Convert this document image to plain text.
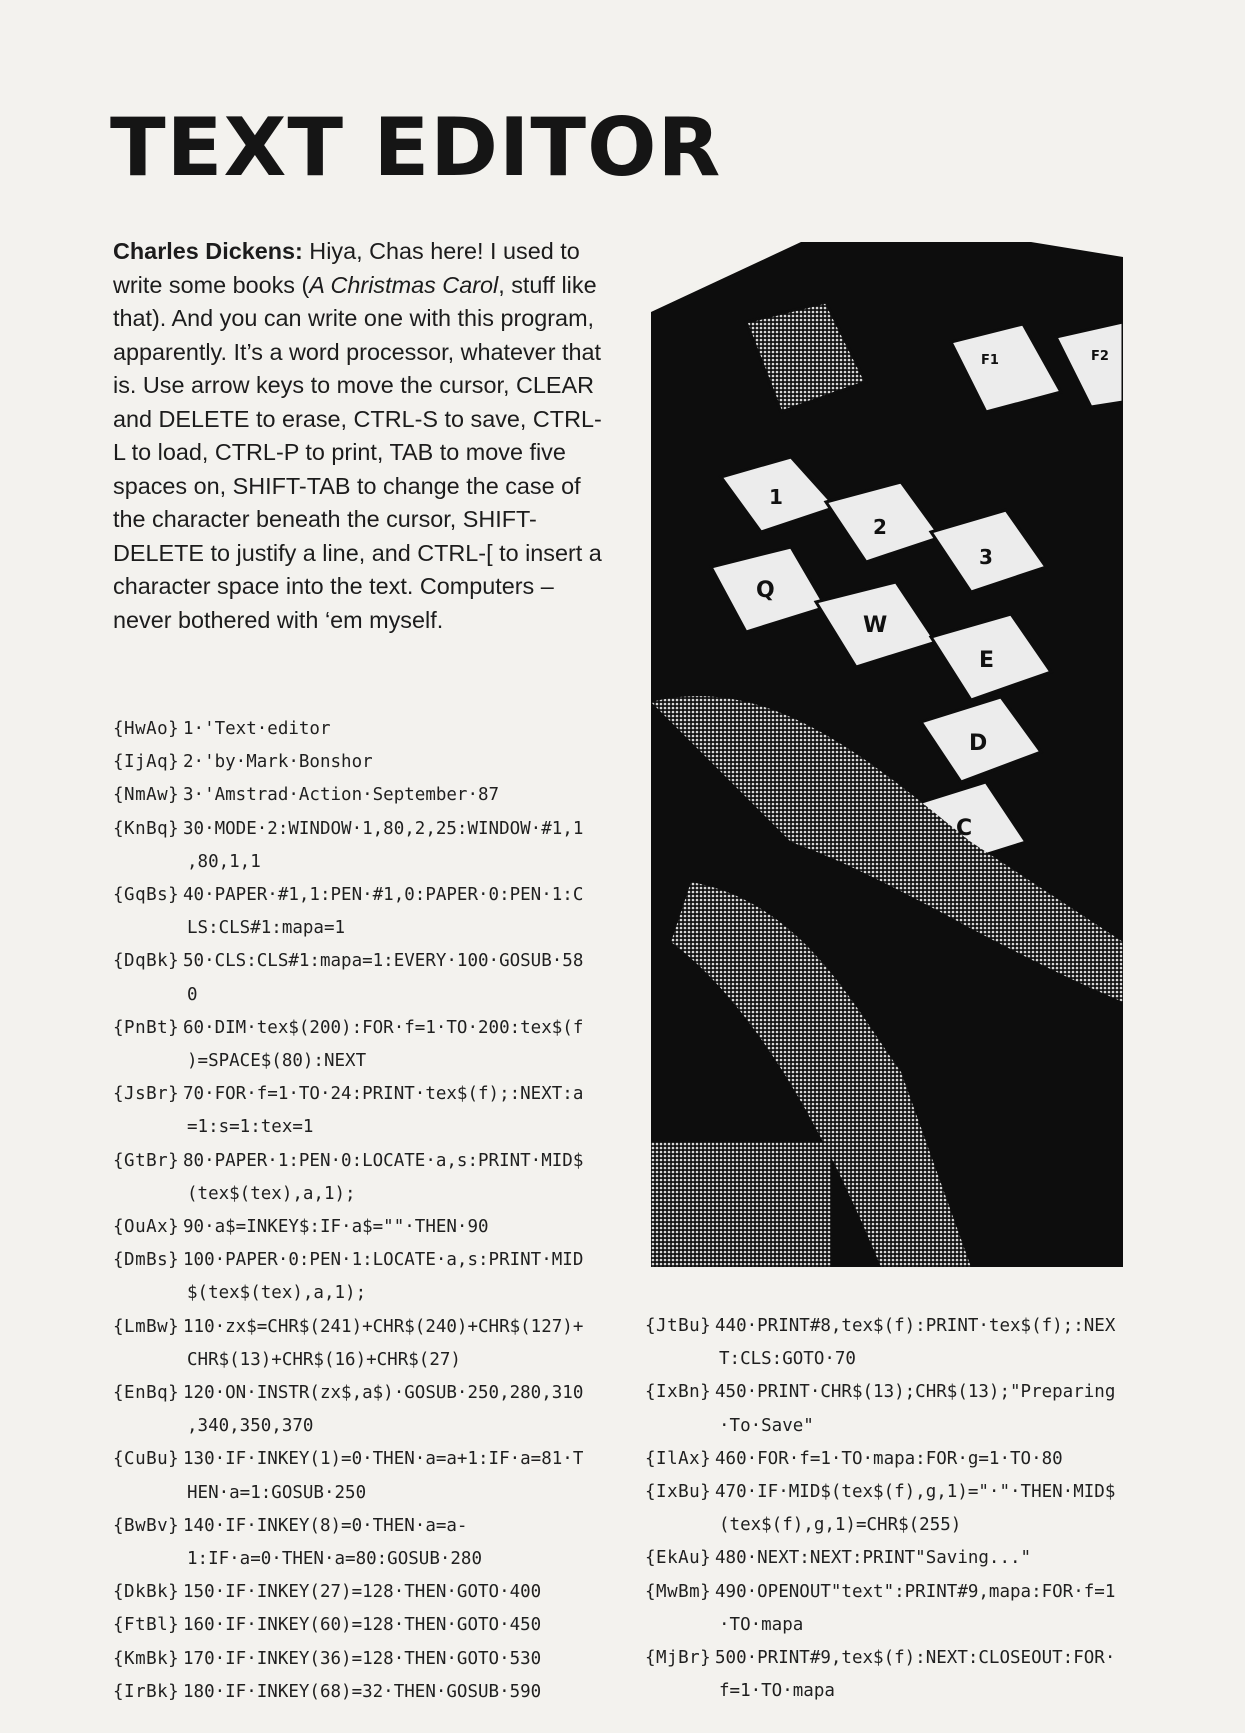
TEXT EDITOR

Charles Dickens: Hiya, Chas here! I used to write some books (A Christmas Carol, stuff like that). And you can write one with this program, apparently. It’s a word processor, whatever that is. Use arrow keys to move the cursor, CLEAR and DELETE to erase, CTRL-S to save, CTRL-L to load, CTRL-P to print, TAB to move five spaces on, SHIFT-TAB to change the case of the character beneath the cursor, SHIFT-DELETE to justify a line, and CTRL-[ to insert a character space into the text. Computers – never bothered with ‘em myself.

{HwAo} 1·'Text·editor
{IjAq} 2·'by·Mark·Bonshor
{NmAw} 3·'Amstrad·Action·September·87
{KnBq} 30·MODE·2:WINDOW·1,80,2,25:WINDOW·#1,1
,80,1,1
{GqBs} 40·PAPER·#1,1:PEN·#1,0:PAPER·0:PEN·1:C
LS:CLS#1:mapa=1
{DqBk} 50·CLS:CLS#1:mapa=1:EVERY·100·GOSUB·58
0
{PnBt} 60·DIM·tex$(200):FOR·f=1·TO·200:tex$(f
)=SPACE$(80):NEXT
{JsBr} 70·FOR·f=1·TO·24:PRINT·tex$(f);:NEXT:a
=1:s=1:tex=1
{GtBr} 80·PAPER·1:PEN·0:LOCATE·a,s:PRINT·MID$
(tex$(tex),a,1);
{OuAx} 90·a$=INKEY$:IF·a$=""·THEN·90
{DmBs} 100·PAPER·0:PEN·1:LOCATE·a,s:PRINT·MID
$(tex$(tex),a,1);
{LmBw} 110·zx$=CHR$(241)+CHR$(240)+CHR$(127)+
CHR$(13)+CHR$(16)+CHR$(27)
{EnBq} 120·ON·INSTR(zx$,a$)·GOSUB·250,280,310
,340,350,370
{CuBu} 130·IF·INKEY(1)=0·THEN·a=a+1:IF·a=81·T
HEN·a=1:GOSUB·250
{BwBv} 140·IF·INKEY(8)=0·THEN·a=a-
1:IF·a=0·THEN·a=80:GOSUB·280
{DkBk} 150·IF·INKEY(27)=128·THEN·GOTO·400
{FtBl} 160·IF·INKEY(60)=128·THEN·GOTO·450
{KmBk} 170·IF·INKEY(36)=128·THEN·GOTO·530
{IrBk} 180·IF·INKEY(68)=32·THEN·GOSUB·590
F1	F2
1
2
3
Q
W
E
D
C
{JtBu} 440·PRINT#8,tex$(f):PRINT·tex$(f);:NEX
T:CLS:GOTO·70
{IxBn} 450·PRINT·CHR$(13);CHR$(13);"Preparing
·To·Save"
{IlAx} 460·FOR·f=1·TO·mapa:FOR·g=1·TO·80
{IxBu} 470·IF·MID$(tex$(f),g,1)="·"·THEN·MID$
(tex$(f),g,1)=CHR$(255)
{EkAu} 480·NEXT:NEXT:PRINT"Saving..."
{MwBm} 490·OPENOUT"text":PRINT#9,mapa:FOR·f=1
·TO·mapa
{MjBr} 500·PRINT#9,tex$(f):NEXT:CLOSEOUT:FOR·
f=1·TO·mapa
